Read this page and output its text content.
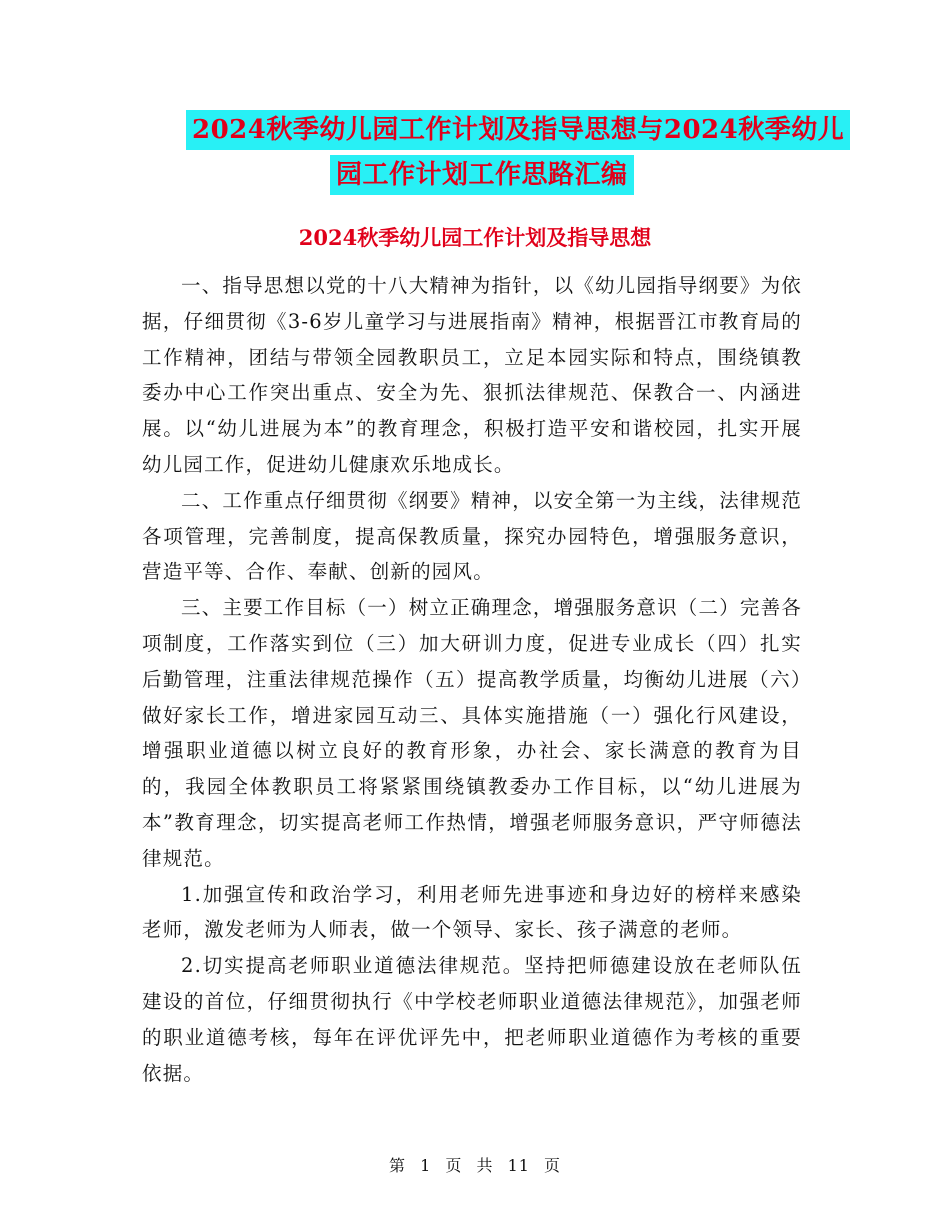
2024秋季幼儿园工作计划及指导思想与2024秋季幼儿
园工作计划工作思路汇编
2024秋季幼儿园工作计划及指导思想

一、指导思想以党的十八大精神为指针，以《幼儿园指导纲要》为依据，仔细贯彻《3-6岁儿童学习与进展指南》精神，根据晋江市教育局的工作精神，团结与带领全园教职员工，立足本园实际和特点，围绕镇教委办中心工作突出重点、安全为先、狠抓法律规范、保教合一、内涵进展。以“幼儿进展为本”的教育理念，积极打造平安和谐校园，扎实开展幼儿园工作，促进幼儿健康欢乐地成长。

二、工作重点仔细贯彻《纲要》精神，以安全第一为主线，法律规范各项管理，完善制度，提高保教质量，探究办园特色，增强服务意识，营造平等、合作、奉献、创新的园风。

三、主要工作目标（一）树立正确理念，增强服务意识（二）完善各项制度，工作落实到位（三）加大研训力度，促进专业成长（四）扎实后勤管理，注重法律规范操作（五）提高教学质量，均衡幼儿进展（六）做好家长工作，增进家园互动三、具体实施措施（一）强化行风建设，增强职业道德以树立良好的教育形象，办社会、家长满意的教育为目的，我园全体教职员工将紧紧围绕镇教委办工作目标，以“幼儿进展为本”教育理念，切实提高老师工作热情，增强老师服务意识，严守师德法律规范。

1.加强宣传和政治学习，利用老师先进事迹和身边好的榜样来感染老师，激发老师为人师表，做一个领导、家长、孩子满意的老师。

2.切实提高老师职业道德法律规范。坚持把师德建设放在老师队伍建设的首位，仔细贯彻执行《中学校老师职业道德法律规范》，加强老师的职业道德考核，每年在评优评先中，把老师职业道德作为考核的重要依据。

第 1 页 共 11 页
